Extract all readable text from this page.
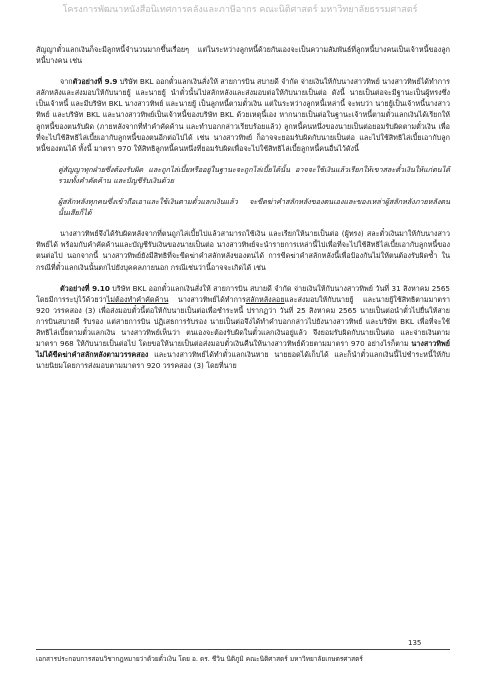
โครงการพัฒนาหนังสือนิเทศการคลังและภาษีอากร คณะนิติศาสตร์ มหาวิทยาลัยธรรมศาสตร์

สัญญาตั๋วแลกเงินก็จะมีลูกหนี้จำนวนมากขึ้นเรื่อยๆ แต่ในระหว่างลูกหนี้ด้วยกันเองจะเป็นความสัมพันธ์ที่ลูกหนี้บางคนเป็นเจ้าหนี้ของลูกหนี้บางคน เช่น

จากตัวอย่างที่ 9.9 บริษัท BKL ออกตั๋วแลกเงินสั่งให้ สายการบิน สบายดี จำกัด จ่ายเงินให้กับนางสาวทิพย์ นางสาวทิพย์ได้ทำการสลักหลังและส่งมอบให้กับนายยู้ และนายยู้ นำตั๋วนั้นไปสลักหลังและส่งมอบต่อให้กับนายเป็นต่อ ดังนี้ นายเป็นต่อจะมีฐานะเป็นผู้ทรงซึ่งเป็นเจ้าหนี้ และมีบริษัท BKL นางสาวทิพย์ และนายยู้ เป็นลูกหนี้ตามตั๋วเงิน แต่ในระหว่างลูกหนี้เหล่านี้ จะพบว่า นายยู้เป็นเจ้าหนี้นางสาวทิพย์ และบริษัท BKL และนางสาวทิพย์เป็นเจ้าหนี้ของบริษัท BKL ด้วยเหตุนี้เอง หากนายเป็นต่อในฐานะเจ้าหนี้ตามตั๋วแลกเงินได้เรียกให้ลูกหนี้ของตนรับผิด (ภายหลังจากที่ทำคำคัดค้าน และทำบอกกล่าวเรียบร้อยแล้ว) ลูกหนี้คนหนึ่งของนายเป็นต่อยอมรับผิดตามตั๋วเงิน เพื่อที่จะไปใช้สิทธิไล่เบี้ยเอากับลูกหนี้ของตนอีกต่อไปได้ เช่น นางสาวทิพย์ ก็อาจจะยอมรับผิดกับนายเป็นต่อ และไปใช้สิทธิไล่เบี้ยเอากับลูกหนี้ของตนได้ ทั้งนี้ มาตรา 970 ให้สิทธิลูกหนี้คนหนึ่งที่ยอมรับผิดเพื่อจะไปใช้สิทธิไล่เบี้ยลูกหนี้คนอื่นไว้ดังนี้

คู่สัญญาทุกฝ่ายซึ่งต้องรับผิด และถูกไล่เบี้ยหรืออยู่ในฐานะจะถูกไล่เบี้ยได้นั้น อาจจะใช้เงินแล้วเรียกให้เขาสละตั๋วเงินให้แก่ตนได้ รวมทั้งคำคัดค้าน และบัญชีรับเงินด้วย

ผู้สลักหลังทุกคนซึ่งเข้าถือเอาและใช้เงินตามตั๋วแลกเงินแล้ว จะขีดฆ่าคำสลักหลังของตนเองและของเหล่าผู้สลักหลังภายหลังตนนั้นเสียก็ได้

นางสาวทิพย์จึงได้รับผิดหลังจากที่ตนถูกไล่เบี้ยไปแล้วสามารถใช้เงิน และเรียกให้นายเป็นต่อ (ผู้ทรง) สละตั๋วเงินมาให้กับนางสาวทิพย์ได้ พร้อมกับคำคัดค้านและบัญชีรับเงินของนายเป็นต่อ นางสาวทิพย์จะนำรายการเหล่านี้ไปเพื่อที่จะไปใช้สิทธิไล่เบี้ยเอากับลูกหนี้ของตนต่อไป นอกจากนี้ นางสาวทิพย์ยังมีสิทธิที่จะขีดฆ่าคำสลักหลังของตนได้ การขีดฆ่าคำสลักหลังนี้เพื่อป้องกันไม่ให้ตนต้องรับผิดซ้ำ ในกรณีที่ตั๋วแลกเงินนั้นตกไปยังบุคคลภายนอก กรณีเช่นว่านี้อาจจะเกิดได้ เช่น

ตัวอย่างที่ 9.10 บริษัท BKL ออกตั๋วแลกเงินสั่งให้ สายการบิน สบายดี จำกัด จ่ายเงินให้กับนางสาวทิพย์ วันที่ 31 สิงหาคม 2565 โดยมีการระบุไว้ด้วยว่าไม่ต้องทำคำคัดค้าน นางสาวทิพย์ได้ทำการสลักหลังลอยและส่งมอบให้กับนายยู้ และนายยู้ใช้สิทธิตามมาตรา 920 วรรคสอง (3) เพื่อส่งมอบตั๋วนี้ต่อให้กับนายเป็นต่อเพื่อชำระหนี้ ปรากฏว่า วันที่ 25 สิงหาคม 2565 นายเป็นต่อนำตั๋วไปยื่นให้สายการบินสบายดี รับรอง แต่สายการบิน ปฏิเสธการรับรอง นายเป็นต่อจึงได้ทำคำบอกกล่าวไปยังนางสาวทิพย์ และบริษัท BKL เพื่อที่จะใช้สิทธิไล่เบี้ยตามตั๋วแลกเงิน นางสาวทิพย์เห็นว่า ตนเองจะต้องรับผิดในตั๋วแลกเงินอยู่แล้ว จึงยอมรับผิดกับนายเป็นต่อ และจ่ายเงินตามมาตรา 968 ให้กับนายเป็นต่อไป โดยขอให้นายเป็นต่อส่งมอบตั๋วเงินคืนให้นางสาวทิพย์ด้วยตามมาตรา 970 อย่างไรก็ตาม นางสาวทิพย์ไม่ได้ขีดฆ่าคำสลักหลังตามวรรคสอง และนางสาวทิพย์ได้ทำตั๋วแลกเงินหาย นายยอดได้เก็บได้ และก็นำตั๋วแลกเงินนี้ไปชำระหนี้ให้กับนายนิยมโดยการส่งมอบตามมาตรา 920 วรรคสอง (3) โดยที่นาย

135
เอกสารประกอบการสอนวิชากฎหมายว่าด้วยตั๋วเงิน โดย อ. ดร. ชีวิน นิติภูมิ คณะนิติศาสตร์ มหาวิทยาลัยเกษตรศาสตร์
